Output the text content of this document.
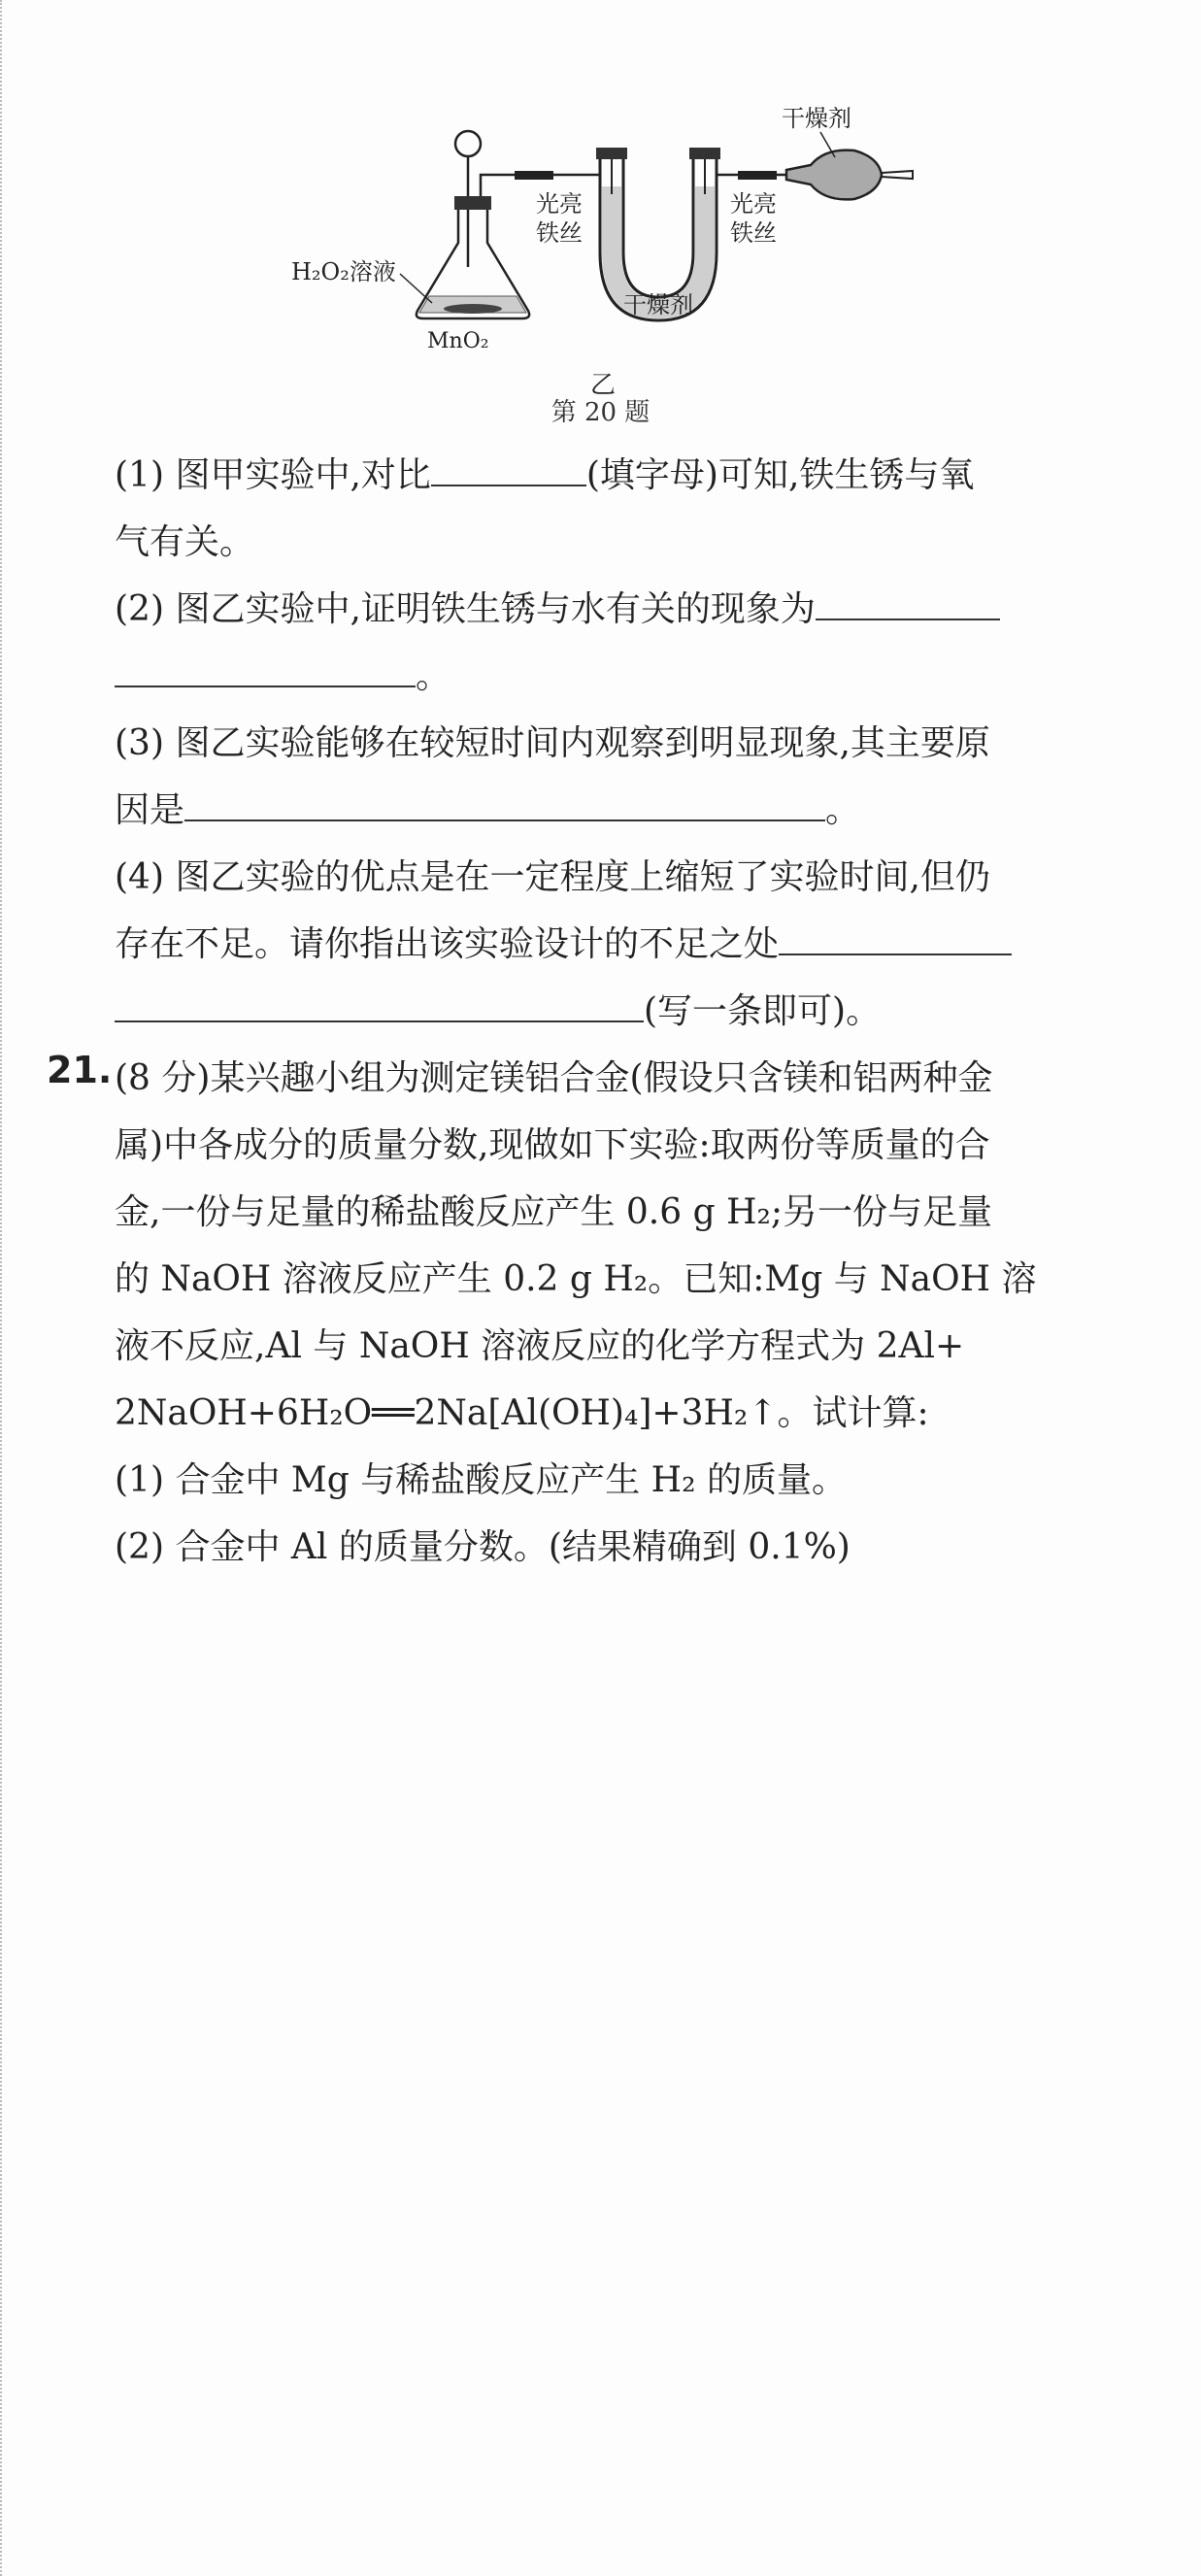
干燥剂
光亮
铁丝
光亮
铁丝
H₂O₂溶液
MnO₂
干燥剂
乙
第 20 题
(1) 图甲实验中,对比	(填字母)可知,铁生锈与氧
气有关。
(2) 图乙实验中,证明铁生锈与水有关的现象为
。
(3) 图乙实验能够在较短时间内观察到明显现象,其主要原
因是	。
(4) 图乙实验的优点是在一定程度上缩短了实验时间,但仍
存在不足。请你指出该实验设计的不足之处
(写一条即可)。
21. (8 分)某兴趣小组为测定镁铝合金(假设只含镁和铝两种金
属)中各成分的质量分数,现做如下实验:取两份等质量的合
金,一份与足量的稀盐酸反应产生 0.6 g H₂;另一份与足量
的 NaOH 溶液反应产生 0.2 g H₂。已知:Mg 与 NaOH 溶
液不反应,Al 与 NaOH 溶液反应的化学方程式为 2Al+
2NaOH+6H₂O══2Na[Al(OH)₄]+3H₂↑。试计算:
(1) 合金中 Mg 与稀盐酸反应产生 H₂ 的质量。
(2) 合金中 Al 的质量分数。(结果精确到 0.1%)
